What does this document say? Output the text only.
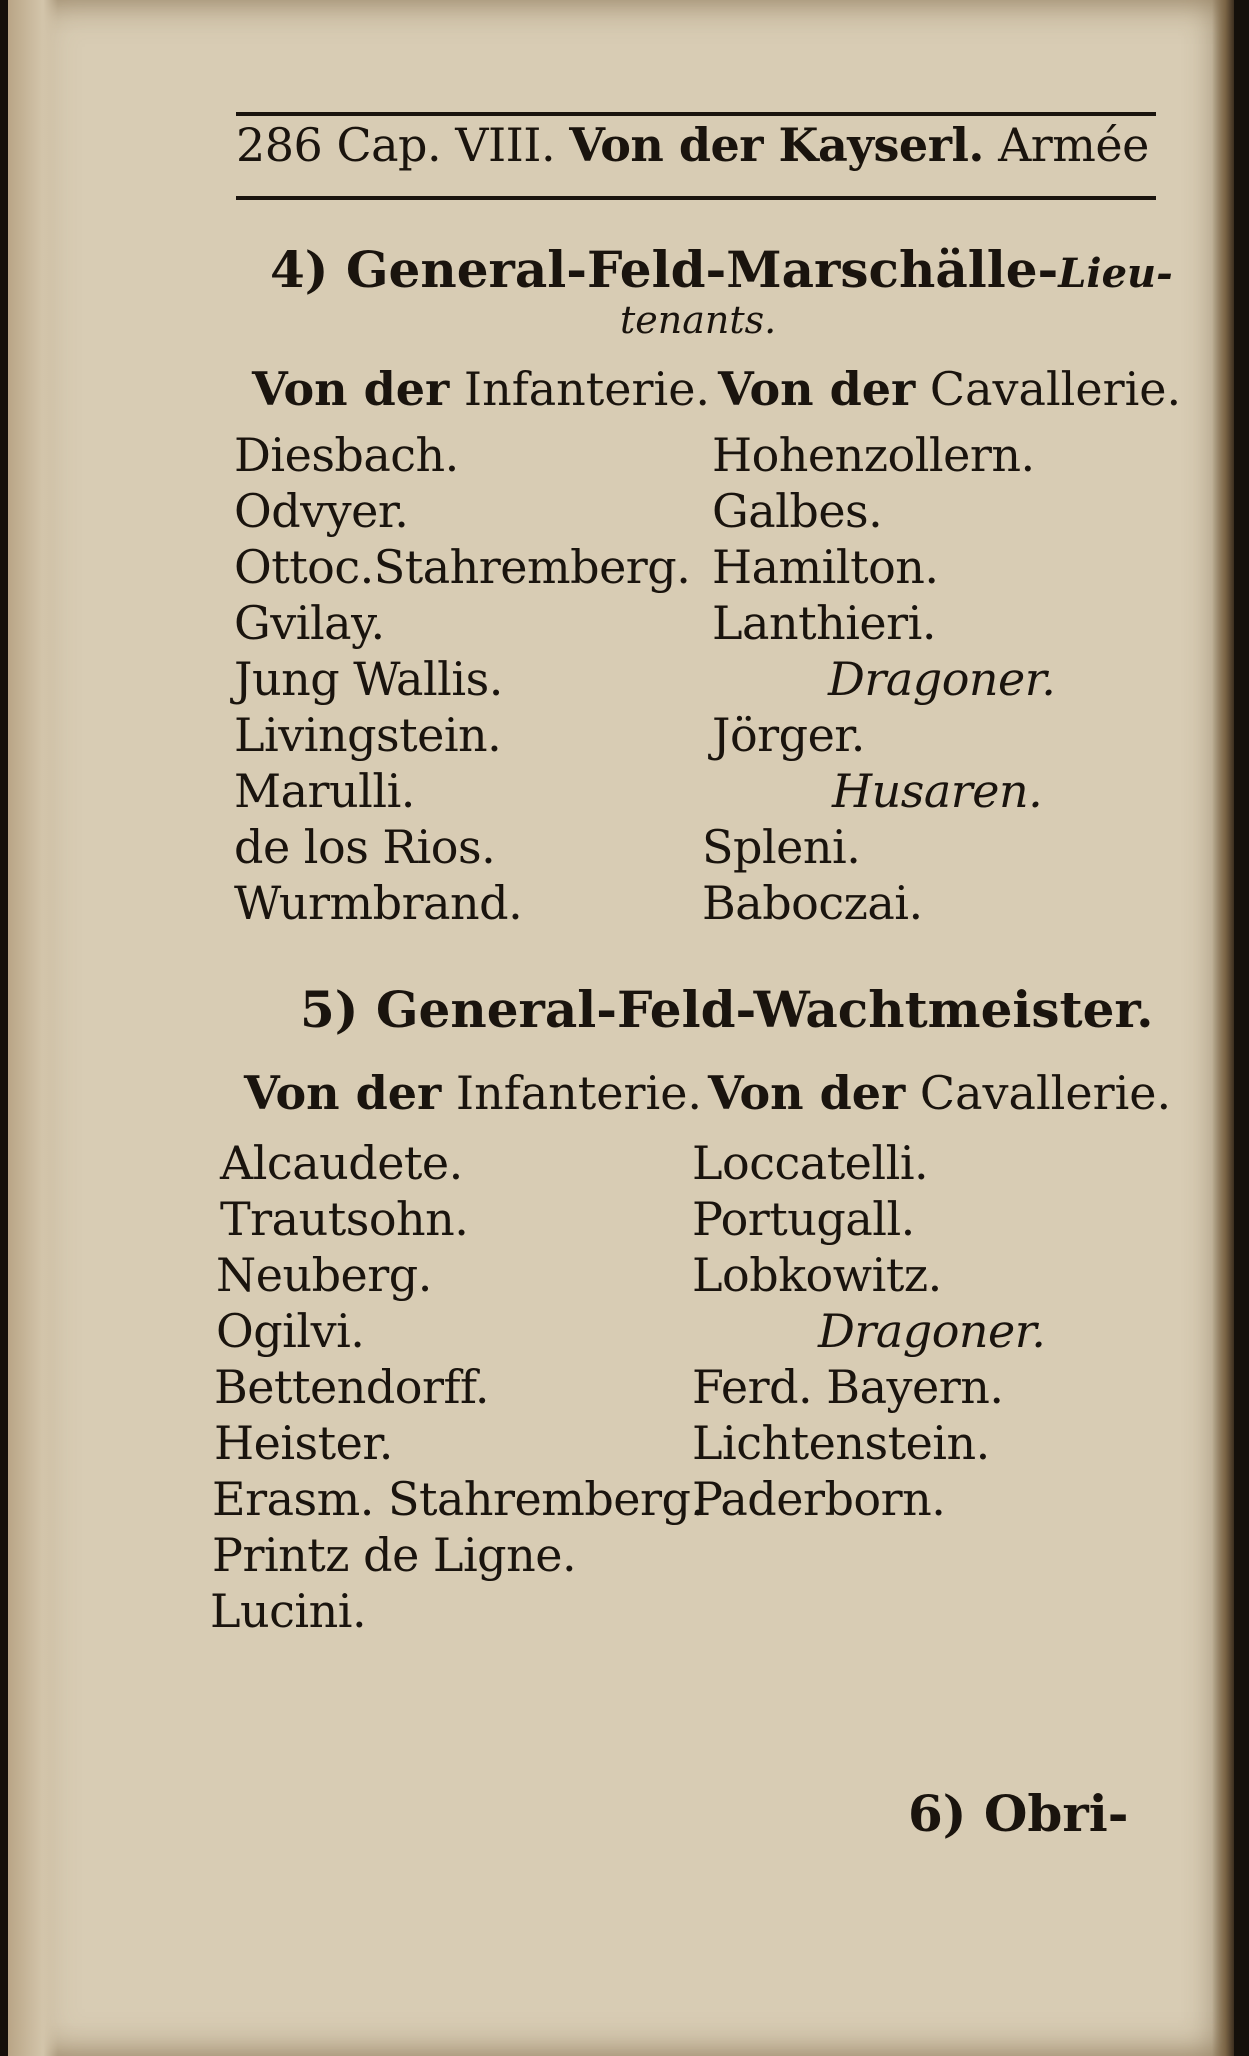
286 Cap. VIII. Von der Kayserl. Armée
4) General-Feld-Marschälle-Lieu-
tenants.
Von der Infanterie. Von der Cavallerie.
Diesbach.
Odvyer.
Ottoc.Stahremberg.
Gvilay.
Jung Wallis.
Livingstein.
Marulli.
de los Rios.
Wurmbrand.
Hohenzollern.
Galbes.
Hamilton.
Lanthieri.
Dragoner.
Jörger.
Husaren.
Spleni.
Baboczai.
5) General-Feld-Wachtmeister.
Von der Infanterie. Von der Cavallerie.
Alcaudete.
Trautsohn.
Neuberg.
Ogilvi.
Bettendorff.
Heister.
Erasm. Stahremberg.
Printz de Ligne.
Lucini.
Loccatelli.
Portugall.
Lobkowitz.
Dragoner.
Ferd. Bayern.
Lichtenstein.
Paderborn.
6) Obri-
